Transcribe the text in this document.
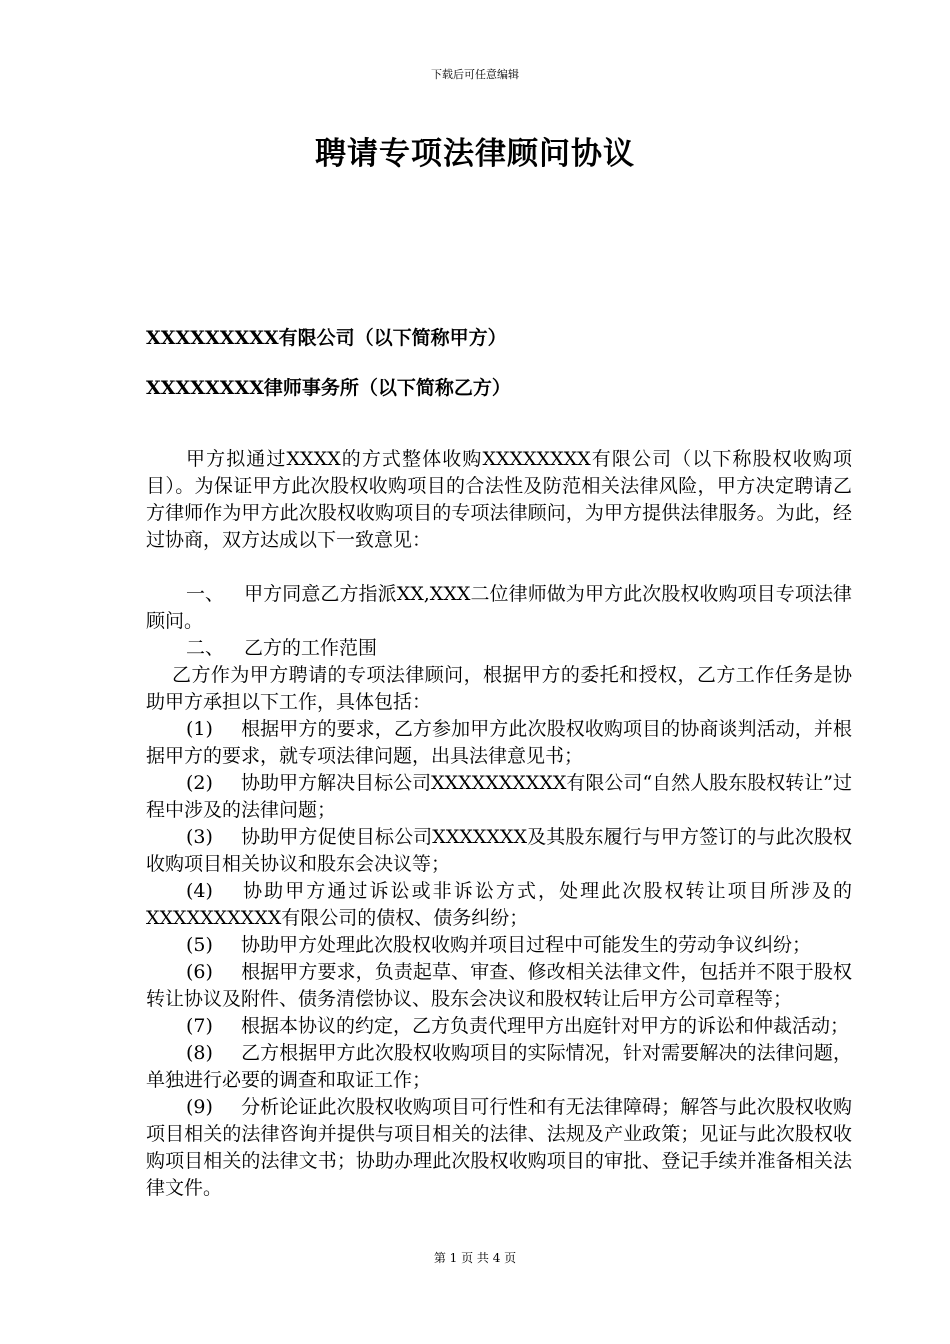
下载后可任意编辑
聘请专项法律顾问协议
XXXXXXXXX有限公司（以下简称甲方）
XXXXXXXX律师事务所（以下简称乙方）

甲方拟通过XXXX的方式整体收购XXXXXXXX有限公司（以下称股权收购项目）。为保证甲方此次股权收购项目的合法性及防范相关法律风险，甲方决定聘请乙方律师作为甲方此次股权收购项目的专项法律顾问，为甲方提供法律服务。为此，经过协商，双方达成以下一致意见：

一、 甲方同意乙方指派XX,XXX二位律师做为甲方此次股权收购项目专项法律顾问。

二、 乙方的工作范围

乙方作为甲方聘请的专项法律顾问，根据甲方的委托和授权，乙方工作任务是协助甲方承担以下工作，具体包括：

(1) 根据甲方的要求，乙方参加甲方此次股权收购项目的协商谈判活动，并根据甲方的要求，就专项法律问题，出具法律意见书；

(2) 协助甲方解决目标公司XXXXXXXXXX有限公司“自然人股东股权转让”过程中涉及的法律问题；

(3) 协助甲方促使目标公司XXXXXXX及其股东履行与甲方签订的与此次股权收购项目相关协议和股东会决议等；

(4) 协助甲方通过诉讼或非诉讼方式，处理此次股权转让项目所涉及的XXXXXXXXXX有限公司的债权、债务纠纷；

(5) 协助甲方处理此次股权收购并项目过程中可能发生的劳动争议纠纷；

(6) 根据甲方要求，负责起草、审查、修改相关法律文件，包括并不限于股权转让协议及附件、债务清偿协议、股东会决议和股权转让后甲方公司章程等；

(7) 根据本协议的约定，乙方负责代理甲方出庭针对甲方的诉讼和仲裁活动；

(8) 乙方根据甲方此次股权收购项目的实际情况，针对需要解决的法律问题，单独进行必要的调查和取证工作；

(9) 分析论证此次股权收购项目可行性和有无法律障碍；解答与此次股权收购项目相关的法律咨询并提供与项目相关的法律、法规及产业政策；见证与此次股权收购项目相关的法律文书；协助办理此次股权收购项目的审批、登记手续并准备相关法律文件。

第 1 页 共 4 页
